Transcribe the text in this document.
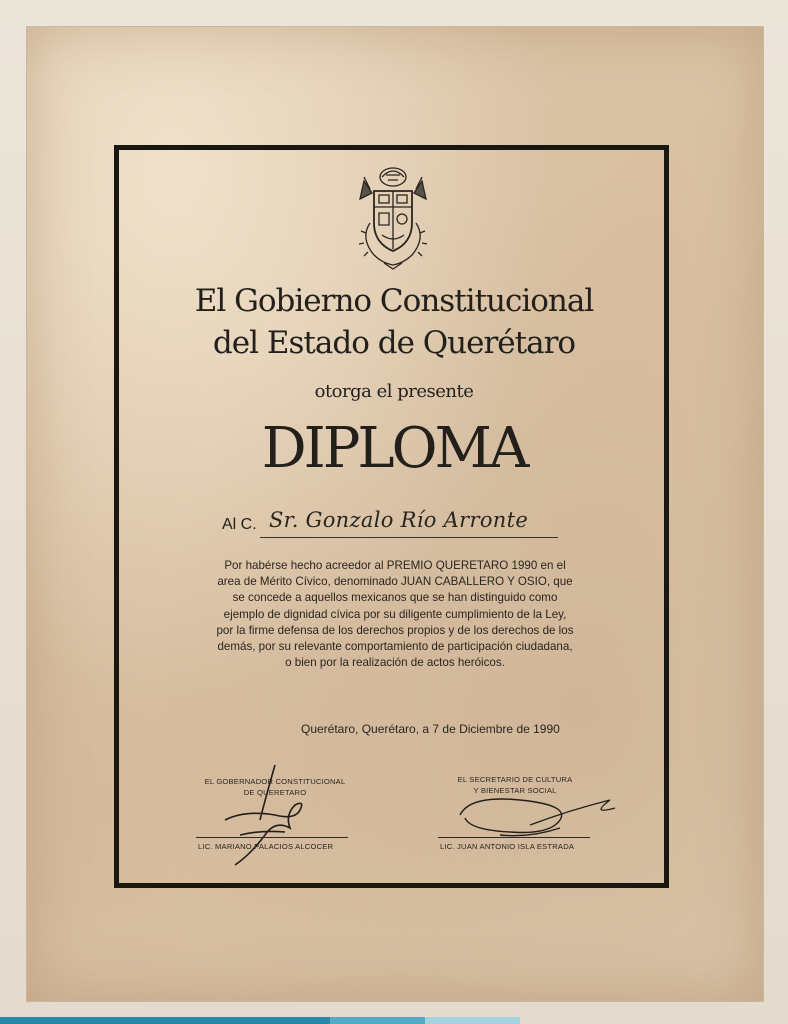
El Gobierno Constitucional
del Estado de Querétaro
otorga el presente
DIPLOMA
Al C. Sr. Gonzalo Río Arronte
Por habérse hecho acreedor al PREMIO QUERETARO 1990 en el area de Mérito Cívico, denominado JUAN CABALLERO Y OSIO, que se concede a aquellos mexicanos que se han distinguido como ejemplo de dignidad cívica por su diligente cumplimiento de la Ley, por la firme defensa de los derechos propios y de los derechos de los demás, por su relevante comportamiento de participación ciudadana, o bien por la realización de actos heróicos.
Querétaro, Querétaro, a 7 de Diciembre de 1990
EL GOBERNADOR CONSTITUCIONAL
DE QUERETARO
LIC. MARIANO PALACIOS ALCOCER
EL SECRETARIO DE CULTURA
Y BIENESTAR SOCIAL
LIC. JUAN ANTONIO ISLA ESTRADA
